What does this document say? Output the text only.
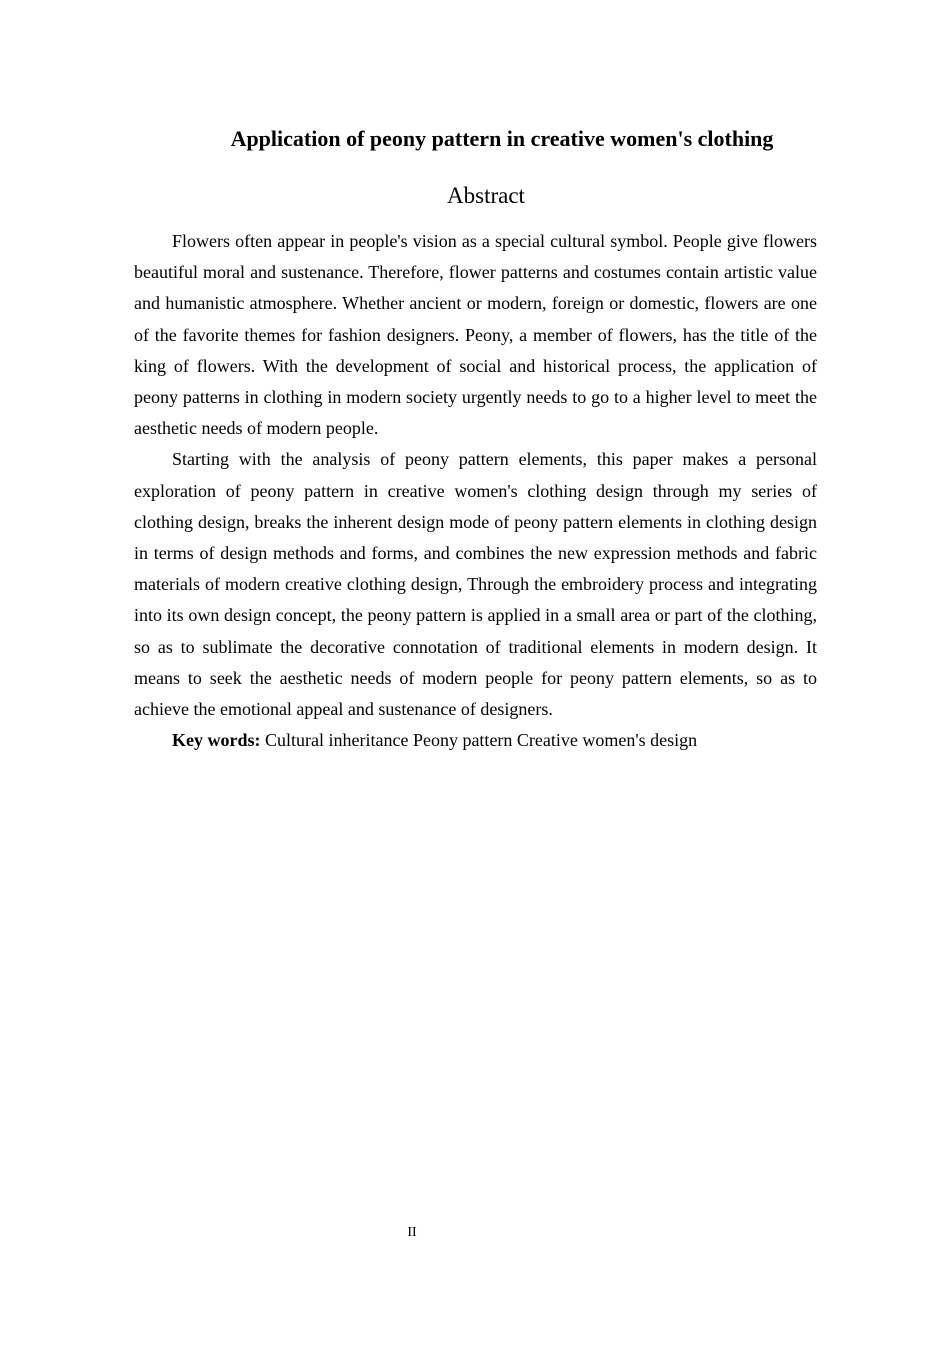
Application of peony pattern in creative women's clothing
Abstract

Flowers often appear in people's vision as a special cultural symbol. People give flowers beautiful moral and sustenance. Therefore, flower patterns and costumes contain artistic value and humanistic atmosphere. Whether ancient or modern, foreign or domestic, flowers are one of the favorite themes for fashion designers. Peony, a member of flowers, has the title of the king of flowers. With the development of social and historical process, the application of peony patterns in clothing in modern society urgently needs to go to a higher level to meet the aesthetic needs of modern people.

Starting with the analysis of peony pattern elements, this paper makes a personal exploration of peony pattern in creative women's clothing design through my series of clothing design, breaks the inherent design mode of peony pattern elements in clothing design in terms of design methods and forms, and combines the new expression methods and fabric materials of modern creative clothing design, Through the embroidery process and integrating into its own design concept, the peony pattern is applied in a small area or part of the clothing, so as to sublimate the decorative connotation of traditional elements in modern design. It means to seek the aesthetic needs of modern people for peony pattern elements, so as to achieve the emotional appeal and sustenance of designers.

Key words: Cultural inheritance Peony pattern Creative women's design

II
